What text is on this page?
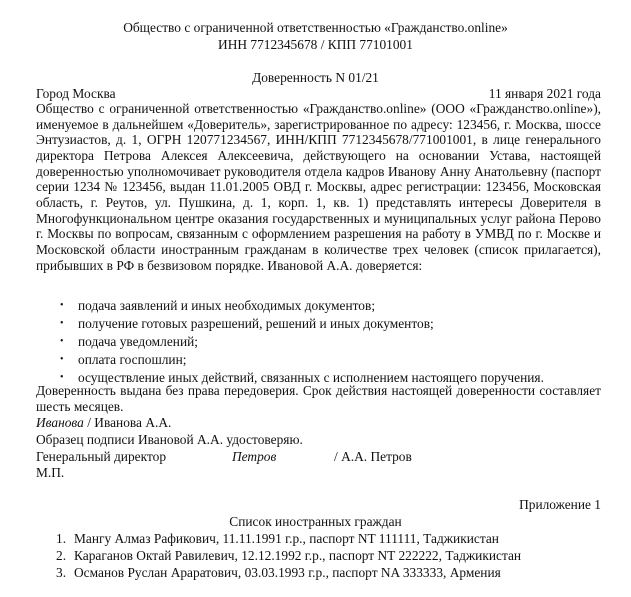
Общество с ограниченной ответственностью «Гражданство.online»
ИНН 7712345678 / КПП 77101001
Доверенность N 01/21
Город Москва	11 января 2021 года
Общество с ограниченной ответственностью «Гражданство.online» (ООО «Гражданство.online»), именуемое в дальнейшем «Доверитель», зарегистрированное по адресу: 123456, г. Москва, шоссе Энтузиастов, д. 1, ОГРН 120771234567, ИНН/КПП 7712345678/771001001, в лице генерального директора Петрова Алексея Алексеевича, действующего на основании Устава, настоящей доверенностью уполномочивает руководителя отдела кадров Иванову Анну Анатольевну (паспорт серии 1234 № 123456, выдан 11.01.2005 ОВД г. Москвы, адрес регистрации: 123456, Московская область, г. Реутов, ул. Пушкина, д. 1, корп. 1, кв. 1) представлять интересы Доверителя в Многофункциональном центре оказания государственных и муниципальных услуг района Перово г. Москвы по вопросам, связанным с оформлением разрешения на работу в УМВД по г. Москве и Московской области иностранным гражданам в количестве трех человек (список прилагается), прибывших в РФ в безвизовом порядке. Ивановой А.А. доверяется:
• подача заявлений и иных необходимых документов;
• получение готовых разрешений, решений и иных документов;
• подача уведомлений;
• оплата госпошлин;
• осуществление иных действий, связанных с исполнением настоящего поручения.
Доверенность выдана без права передоверия. Срок действия настоящей доверенности составляет шесть месяцев.
Иванова / Иванова А.А.
Образец подписи Ивановой А.А. удостоверяю.
Генеральный директор	Петров	/ А.А. Петров
М.П.
Приложение 1
Список иностранных граждан
1. Мангу Алмаз Рафикович, 11.11.1991 г.р., паспорт NT 111111, Таджикистан
2. Караганов Октай Равилевич, 12.12.1992 г.р., паспорт NT 222222, Таджикистан
3. Османов Руслан Араратович, 03.03.1993 г.р., паспорт NA 333333, Армения
